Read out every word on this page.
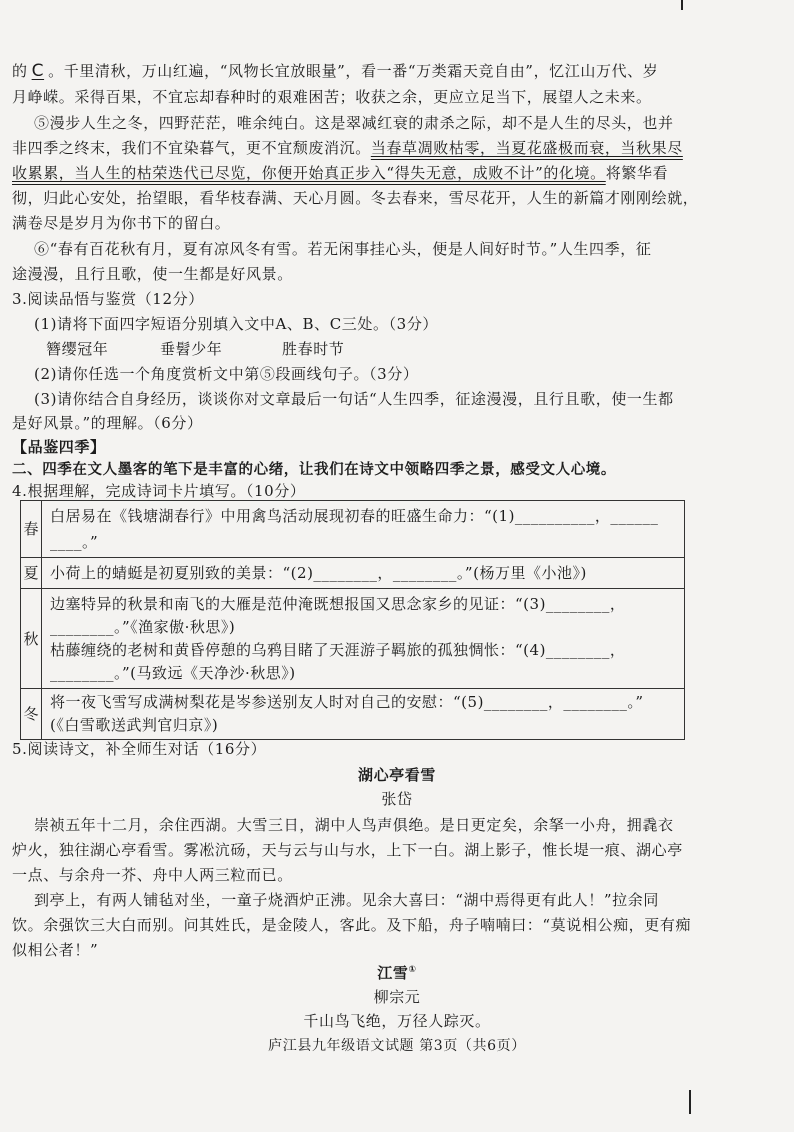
的 C 。千里清秋，万山红遍，“风物长宜放眼量”，看一番“万类霜天竞自由”，忆江山万代、岁
月峥嵘。采得百果，不宜忘却春种时的艰难困苦；收获之余，更应立足当下，展望人之未来。
⑤漫步人生之冬，四野茫茫，唯余纯白。这是翠减红衰的肃杀之际，却不是人生的尽头，也并
非四季之终末，我们不宜染暮气，更不宜颓废消沉。当春草凋败枯零，当夏花盛极而衰，当秋果尽
收累累，当人生的枯荣迭代已尽览，你便开始真正步入“得失无意，成败不计”的化境。将繁华看
彻，归此心安处，抬望眼，看华枝春满、天心月圆。冬去春来，雪尽花开，人生的新篇才刚刚绘就，
满卷尽是岁月为你书下的留白。
⑥“春有百花秋有月，夏有凉风冬有雪。若无闲事挂心头，便是人间好时节。”人生四季，征
途漫漫，且行且歌，使一生都是好风景。
3.阅读品悟与鉴赏（12分）
(1)请将下面四字短语分别填入文中A、B、C三处。（3分）
簪缨冠年	垂髫少年	胜春时节
(2)请你任选一个角度赏析文中第⑤段画线句子。（3分）
(3)请你结合自身经历，谈谈你对文章最后一句话“人生四季，征途漫漫，且行且歌，使一生都
是好风景。”的理解。（6分）
【品鉴四季】
二、四季在文人墨客的笔下是丰富的心绪，让我们在诗文中领略四季之景，感受文人心境。
4.根据理解，完成诗词卡片填写。（10分）
春	白居易在《钱塘湖春行》中用禽鸟活动展现初春的旺盛生命力：“(1)__________，______
____。”

夏	小荷上的蜻蜓是初夏别致的美景：“(2)________，________。”(杨万里《小池》)

秋	边塞特异的秋景和南飞的大雁是范仲淹既想报国又思念家乡的见证：“(3)________，
________。”《渔家傲·秋思》)
枯藤缠绕的老树和黄昏停憩的乌鸦目睹了天涯游子羁旅的孤独惆怅：“(4)________，
________。”(马致远《天净沙·秋思》)

冬	将一夜飞雪写成满树梨花是岑参送别友人时对自己的安慰：“(5)________，________。”
(《白雪歌送武判官归京》)
5.阅读诗文，补全师生对话（16分）
湖心亭看雪
张岱
崇祯五年十二月，余住西湖。大雪三日，湖中人鸟声俱绝。是日更定矣，余拏一小舟，拥毳衣
炉火，独往湖心亭看雪。雾凇沆砀，天与云与山与水，上下一白。湖上影子，惟长堤一痕、湖心亭
一点、与余舟一芥、舟中人两三粒而已。
到亭上，有两人铺毡对坐，一童子烧酒炉正沸。见余大喜曰：“湖中焉得更有此人！”拉余同
饮。余强饮三大白而别。问其姓氏，是金陵人，客此。及下船，舟子喃喃曰：“莫说相公痴，更有痴
似相公者！”
江雪①
柳宗元
千山鸟飞绝，万径人踪灭。
庐江县九年级语文试题 第3页（共6页）
